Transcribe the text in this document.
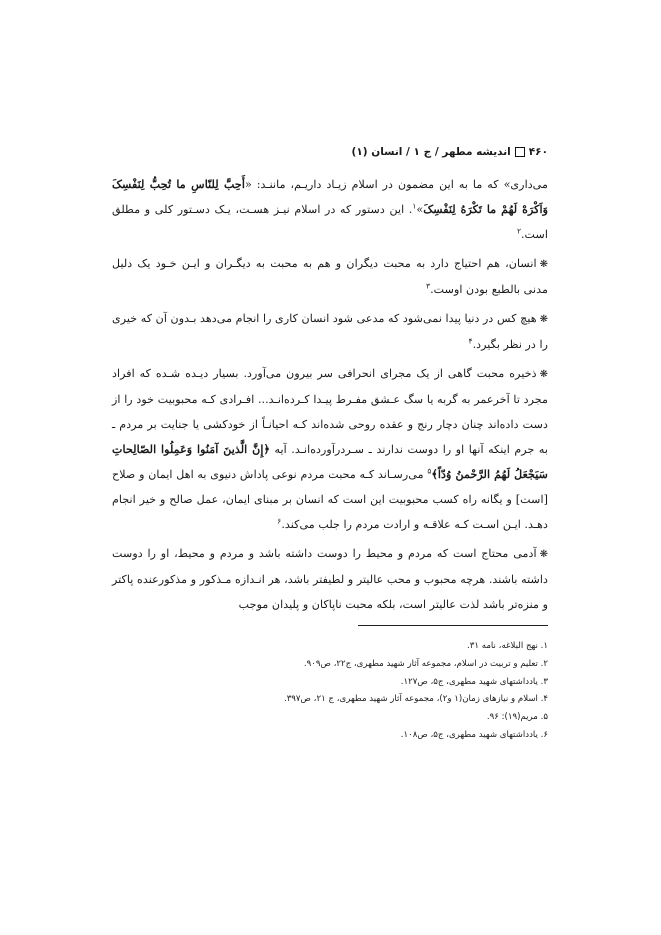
۴۶۰
اندیشه مطهر / ج ۱ / انسان (۱)

می‌داری» که ما به این مضمون در اسلام زیـاد داریـم، ماننـد: «أَحِبَّ لِلنّاسِ ما تُحِبُّ لِنَفْسِکَ وَاَکْرَهْ لَهُمْ ما تَکْرَهُ لِنَفْسِکَ»$^۱$. این دستور که در اسلام نیـز هسـت، یـک دسـتور کلی و مطلق است.$^۲$

❋انسان، هم احتیاج دارد به محبت دیگران و هم به محبت به دیگـران و ایـن خـود یک دلیل مدنی بالطبع بودن اوست.$^۳$

❋هیچ کس در دنیا پیدا نمی‌شود که مدعی شود انسان کاری را انجام می‌دهد بـدون آن که خیری را در نظر بگیرد.$^۴$

❋ذخیره محبت گاهی از یک مجرای انحرافی سر بیرون می‌آورد. بسیار دیـده شـده که افراد مجرد تا آخرعمر به گربه یا سگ عـشق مفـرط پیـدا کـرده‌انـد... افـرادی کـه محبوبیت خود را از دست داده‌اند چنان دچار رنج و عقده روحی شده‌اند کـه احیانـاً از خودکشی یا جنایت بر مردم ـ به جرم اینکه آنها او را دوست ندارند ـ سـردرآورده‌انـد. آیه ﴿إِنَّ الَّذینَ آمَنُوا وَعَمِلُوا الصّالِحاتِ سَیَجْعَلُ لَهُمُ الرَّحْمنُ وُدّاً﴾$^۵$ می‌رسـاند کـه محبت مردم نوعی پاداش دنیوی به اهل ایمان و صلاح [است] و یگانه راه کسب محبوبیت این است که انسان بر مبنای ایمان، عمل صالح و خیر انجام دهـد. ایـن اسـت کـه علاقـه و ارادت مردم را جلب می‌کند.$^۶$

❋آدمی محتاج است که مردم و محیط را دوست داشته باشد و مردم و محیط، او را دوست داشته باشند. هرچه محبوب و محب عالیتر و لطیفتر باشد، هر انـدازه مـذکور و مذکورعنده پاکتر و منزه‌تر باشد لذت عالیتر است، بلکه محبت ناپاکان و پلیدان موجب

۱. نهج البلاغه، نامه ۳۱.
۲. تعلیم و تربیت در اسلام، مجموعه آثار شهید مطهری، ج۲۲، ص۹۰۹.
۳. یادداشتهای شهید مطهری، ج۵، ص۱۲۷.
۴. اسلام و نیازهای زمان(۱ و۲)، مجموعه آثار شهید مطهری، ج ۲۱، ص۳۹۷.
۵. مریم(۱۹): ۹۶.
۶. یادداشتهای شهید مطهری، ج۵، ص۱۰۸.
